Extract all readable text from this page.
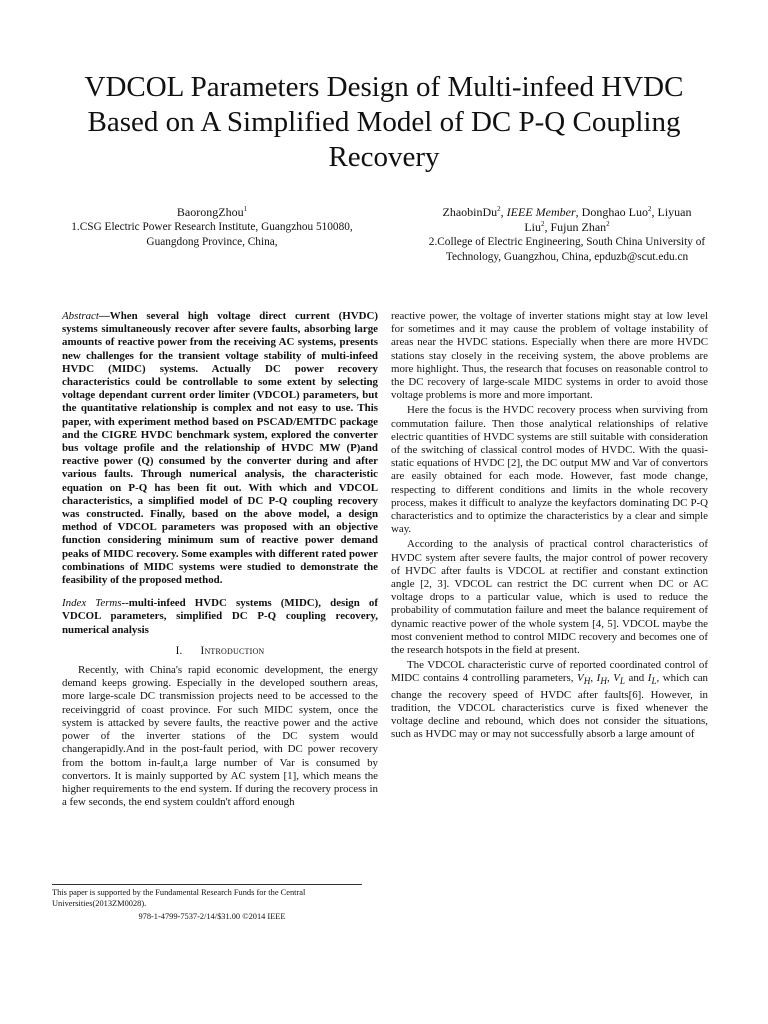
VDCOL Parameters Design of Multi-infeed HVDC
Based on A Simplified Model of DC P-Q Coupling
Recovery
BaorongZhou$^1$
1.CSG Electric Power Research Institute, Guangzhou 510080,
Guangdong Province, China,
ZhaobinDu$^2$, IEEE Member, Donghao Luo$^2$, Liyuan
Liu$^2$, Fujun Zhan$^2$
2.College of Electric Engineering, South China University of
Technology, Guangzhou, China, epduzb@scut.edu.cn

Abstract—When several high voltage direct current (HVDC) systems simultaneously recover after severe faults, absorbing large amounts of reactive power from the receiving AC systems, presents new challenges for the transient voltage stability of multi-infeed HVDC (MIDC) systems. Actually DC power recovery characteristics could be controllable to some extent by selecting voltage dependant current order limiter (VDCOL) parameters, but the quantitative relationship is complex and not easy to use. This paper, with experiment method based on PSCAD/EMTDC package and the CIGRE HVDC benchmark system, explored the converter bus voltage profile and the relationship of HVDC MW (P)and reactive power (Q) consumed by the converter during and after various faults. Through numerical analysis, the characteristic equation on P-Q has been fit out. With which and VDCOL characteristics, a simplified model of DC P-Q coupling recovery was constructed. Finally, based on the above model, a design method of VDCOL parameters was proposed with an objective function considering minimum sum of reactive power demand peaks of MIDC recovery. Some examples with different rated power combinations of MIDC systems were studied to demonstrate the feasibility of the proposed method.

Index Terms--multi-infeed HVDC systems (MIDC), design of VDCOL parameters, simplified DC P-Q coupling recovery, numerical analysis

I. Introduction

Recently, with China's rapid economic development, the energy demand keeps growing. Especially in the developed southern areas, more large-scale DC transmission projects need to be accessed to the receivinggrid of coast province. For such MIDC system, once the system is attacked by severe faults, the reactive power and the active power of the inverter stations of the DC system would changerapidly.And in the post-fault period, with DC power recovery from the bottom in-fault,a large number of Var is consumed by convertors. It is mainly supported by AC system [1], which means the higher requirements to the end system. If during the recovery process in a few seconds, the end system couldn't afford enough

reactive power, the voltage of inverter stations might stay at low level for sometimes and it may cause the problem of voltage instability of areas near the HVDC stations. Especially when there are more HVDC stations stay closely in the receiving system, the above problems are more highlight. Thus, the research that focuses on reasonable control to the DC recovery of large-scale MIDC systems in order to avoid those voltage problems is more and more important.

Here the focus is the HVDC recovery process when surviving from commutation failure. Then those analytical relationships of relative electric quantities of HVDC systems are still suitable with consideration of the switching of classical control modes of HVDC. With the quasi-static equations of HVDC [2], the DC output MW and Var of convertors are easily obtained for each mode. However, fast mode change, respecting to different conditions and limits in the whole recovery process, makes it difficult to analyze the keyfactors dominating DC P-Q characteristics and to optimize the characteristics by a clear and simple way.

According to the analysis of practical control characteristics of HVDC system after severe faults, the major control of power recovery of HVDC after faults is VDCOL at rectifier and constant extinction angle [2, 3]. VDCOL can restrict the DC current when DC or AC voltage drops to a particular value, which is used to reduce the probability of commutation failure and meet the balance requirement of dynamic reactive power of the whole system [4, 5]. VDCOL maybe the most convenient method to control MIDC recovery and becomes one of the research hotspots in the field at present.

The VDCOL characteristic curve of reported coordinated control of MIDC contains 4 controlling parameters, $V_H$, $I_H$, $V_L$ and $I_L$, which can change the recovery speed of HVDC after faults[6]. However, in tradition, the VDCOL characteristics curve is fixed whenever the voltage decline and rebound, which does not consider the situations, such as HVDC may or may not successfully absorb a large amount of

This paper is supported by the Fundamental Research Funds for the Central Universities(2013ZM0028).

978-1-4799-7537-2/14/$31.00 ©2014 IEEE
